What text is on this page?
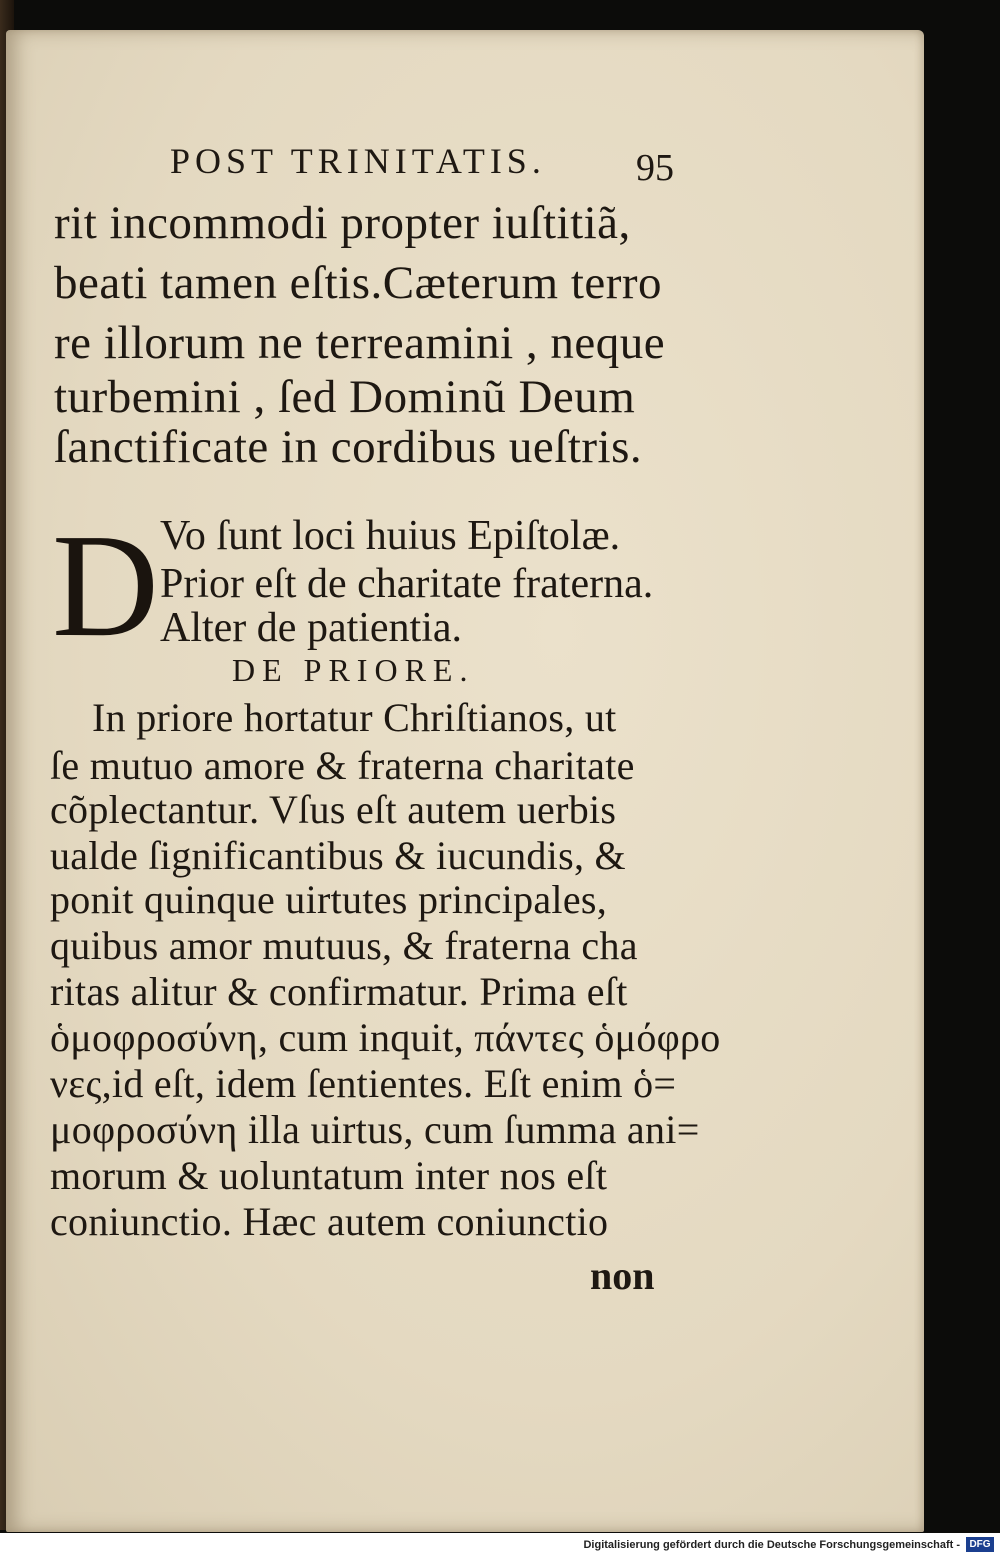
POST TRINITATIS. 95
rit incommodi propter iuſtitiã,
beati tamen eſtis.Cæterum terro
re illorum ne terreamini , neque
turbemini , ſed Dominũ Deum
ſanctificate in cordibus ueſtris.
D Vo ſunt loci huius Epiſtolæ.
Prior eſt de charitate fraterna.
Alter de patientia.
DE PRIORE.
In priore hortatur Chriſtianos, ut
ſe mutuo amore & fraterna charitate
cõplectantur. Vſus eſt autem uerbis
ualde ſignificantibus & iucundis, &
ponit quinque uirtutes principales,
quibus amor mutuus, & fraterna cha
ritas alitur & confirmatur. Prima eſt
ὁμοφροσύνη, cum inquit, πάντες ὁμόφρο
νες,id eſt, idem ſentientes. Eſt enim ὁ=
μοφροσύνη illa uirtus, cum ſumma ani=
morum & uoluntatum inter nos eſt
coniunctio. Hæc autem coniunctio
non
Digitalisierung gefördert durch die Deutsche Forschungsgemeinschaft - DFG
